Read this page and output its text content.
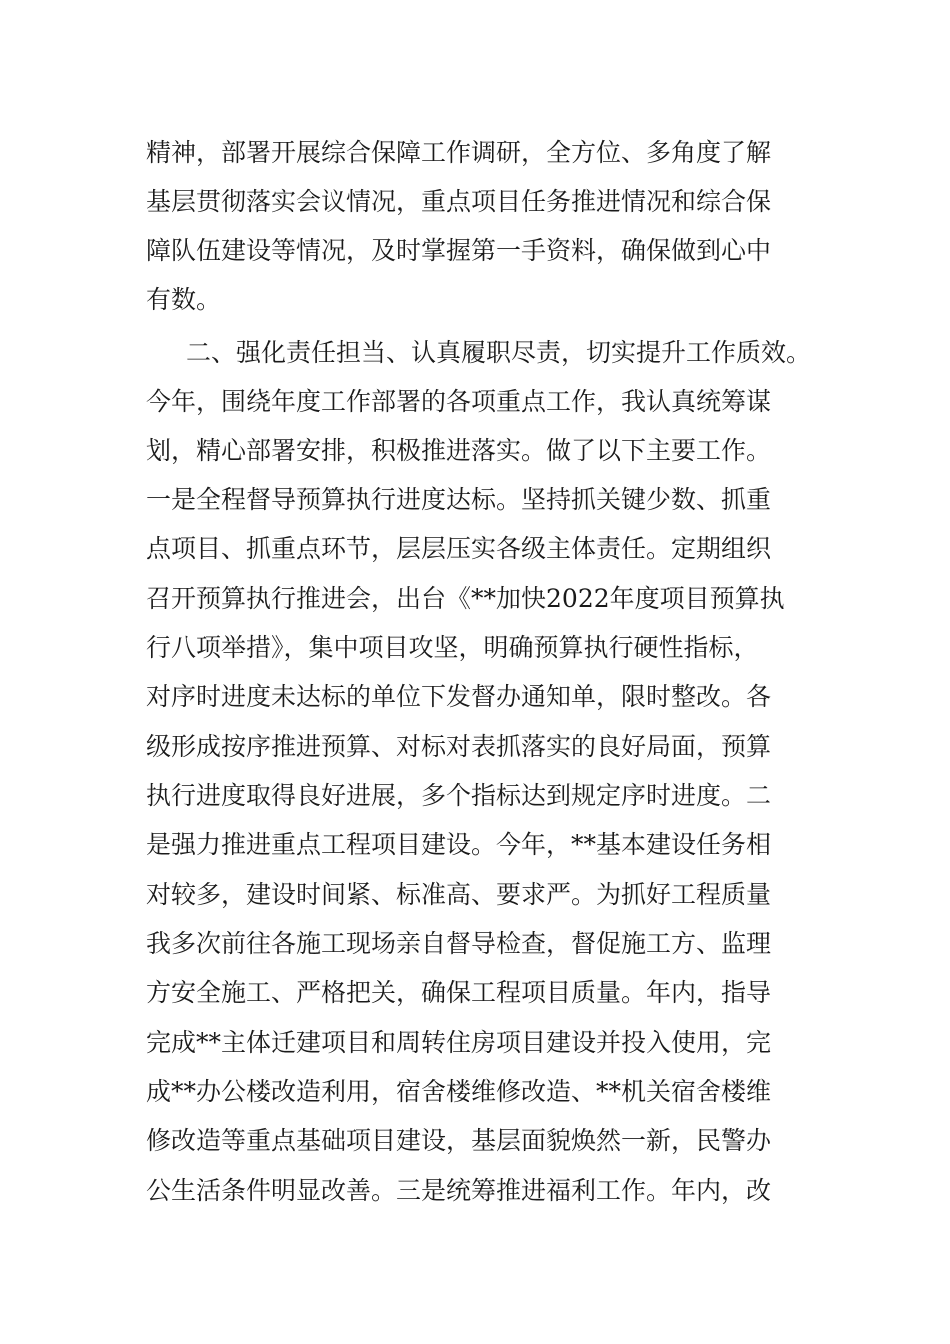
精神，部署开展综合保障工作调研，全方位、多角度了解
基层贯彻落实会议情况，重点项目任务推进情况和综合保
障队伍建设等情况，及时掌握第一手资料，确保做到心中
有数。
二、强化责任担当、认真履职尽责，切实提升工作质效。
今年，围绕年度工作部署的各项重点工作，我认真统筹谋
划，精心部署安排，积极推进落实。做了以下主要工作。
一是全程督导预算执行进度达标。坚持抓关键少数、抓重
点项目、抓重点环节，层层压实各级主体责任。定期组织
召开预算执行推进会，出台《**加快2022年度项目预算执
行八项举措》，集中项目攻坚，明确预算执行硬性指标，
对序时进度未达标的单位下发督办通知单，限时整改。各
级形成按序推进预算、对标对表抓落实的良好局面，预算
执行进度取得良好进展，多个指标达到规定序时进度。二
是强力推进重点工程项目建设。今年，**基本建设任务相
对较多，建设时间紧、标准高、要求严。为抓好工程质量
我多次前往各施工现场亲自督导检查，督促施工方、监理
方安全施工、严格把关，确保工程项目质量。年内，指导
完成**主体迁建项目和周转住房项目建设并投入使用，完
成**办公楼改造利用，宿舍楼维修改造、**机关宿舍楼维
修改造等重点基础项目建设，基层面貌焕然一新，民警办
公生活条件明显改善。三是统筹推进福利工作。年内，改
